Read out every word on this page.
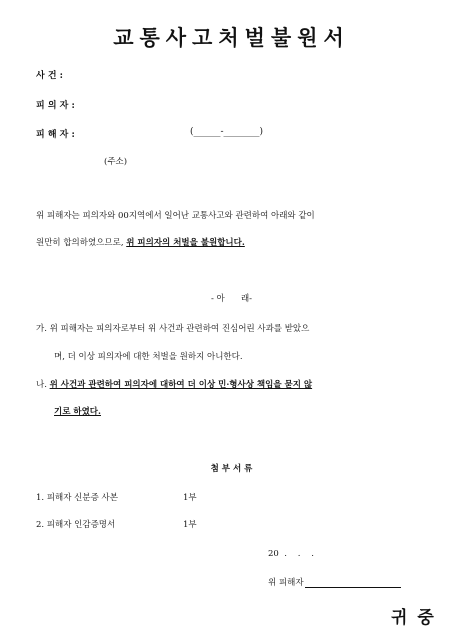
교통사고처벌불원서
사 건 :
피 의 자 :
피 해 자 :	(______-________)
(주소)
위 피해자는 피의자와 00지역에서 일어난 교통사고와 관련하여 아래와 같이
원만히 합의하였으므로, 위 피의자의 처벌을 불원합니다.
- 아      래-
가. 위 피해자는 피의자로부터 위 사건과 관련하여 진심어린 사과를 받았으
며, 더 이상 피의자에 대한 처벌을 원하지 아니한다.
나. 위 사건과 관련하여 피의자에 대하여 더 이상 민·형사상 책임을 묻지 않
기로 하였다.
첨 부 서 류
1. 피해자 신분증 사본	1부
2. 피해자 인감증명서	1부
20  .    .    .
위 피해자
귀 중
